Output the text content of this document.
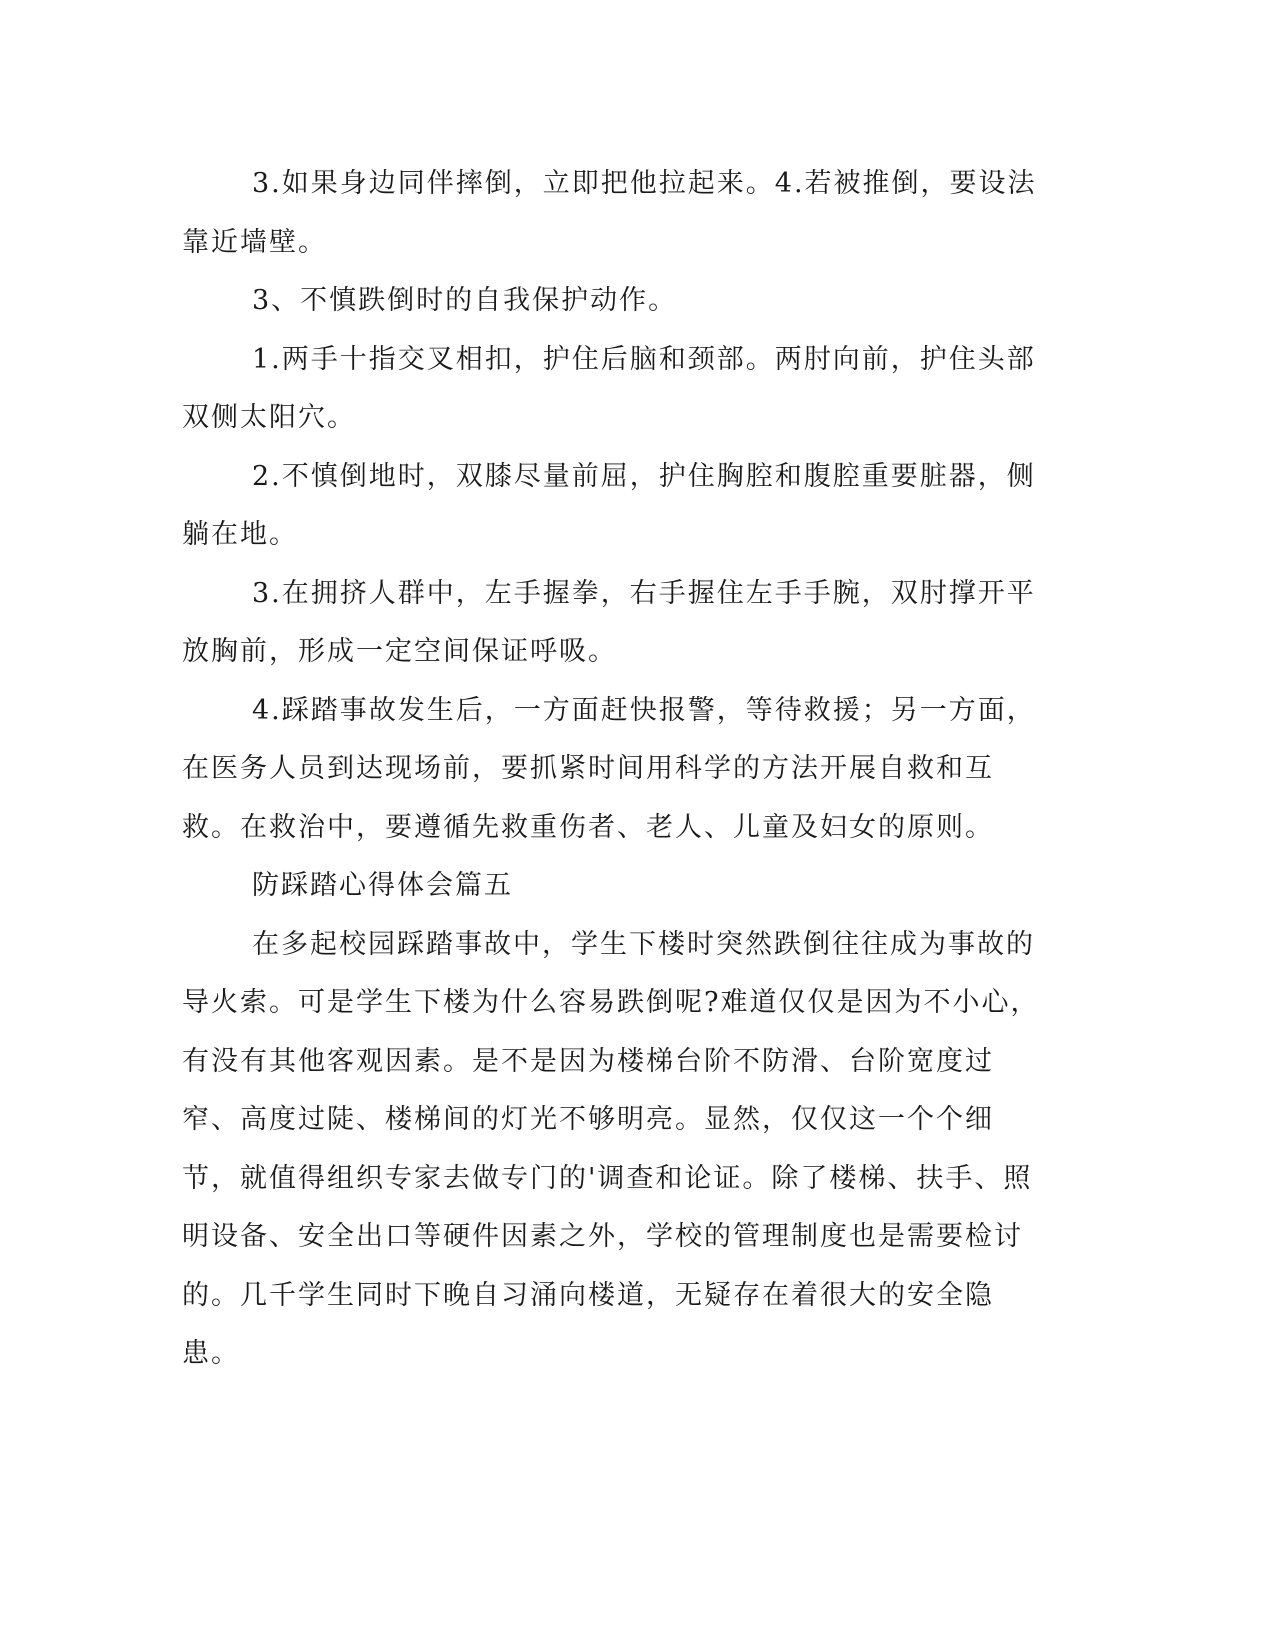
3.如果身边同伴摔倒，立即把他拉起来。4.若被推倒，要设法靠近墙壁。

3、不慎跌倒时的自我保护动作。

1.两手十指交叉相扣，护住后脑和颈部。两肘向前，护住头部双侧太阳穴。

2.不慎倒地时，双膝尽量前屈，护住胸腔和腹腔重要脏器，侧躺在地。

3.在拥挤人群中，左手握拳，右手握住左手手腕，双肘撑开平放胸前，形成一定空间保证呼吸。

4.踩踏事故发生后，一方面赶快报警，等待救援；另一方面，在医务人员到达现场前，要抓紧时间用科学的方法开展自救和互救。在救治中，要遵循先救重伤者、老人、儿童及妇女的原则。

防踩踏心得体会篇五

在多起校园踩踏事故中，学生下楼时突然跌倒往往成为事故的导火索。可是学生下楼为什么容易跌倒呢?难道仅仅是因为不小心，有没有其他客观因素。是不是因为楼梯台阶不防滑、台阶宽度过窄、高度过陡、楼梯间的灯光不够明亮。显然，仅仅这一个个细节，就值得组织专家去做专门的'调查和论证。除了楼梯、扶手、照明设备、安全出口等硬件因素之外，学校的管理制度也是需要检讨的。几千学生同时下晚自习涌向楼道，无疑存在着很大的安全隐患。
